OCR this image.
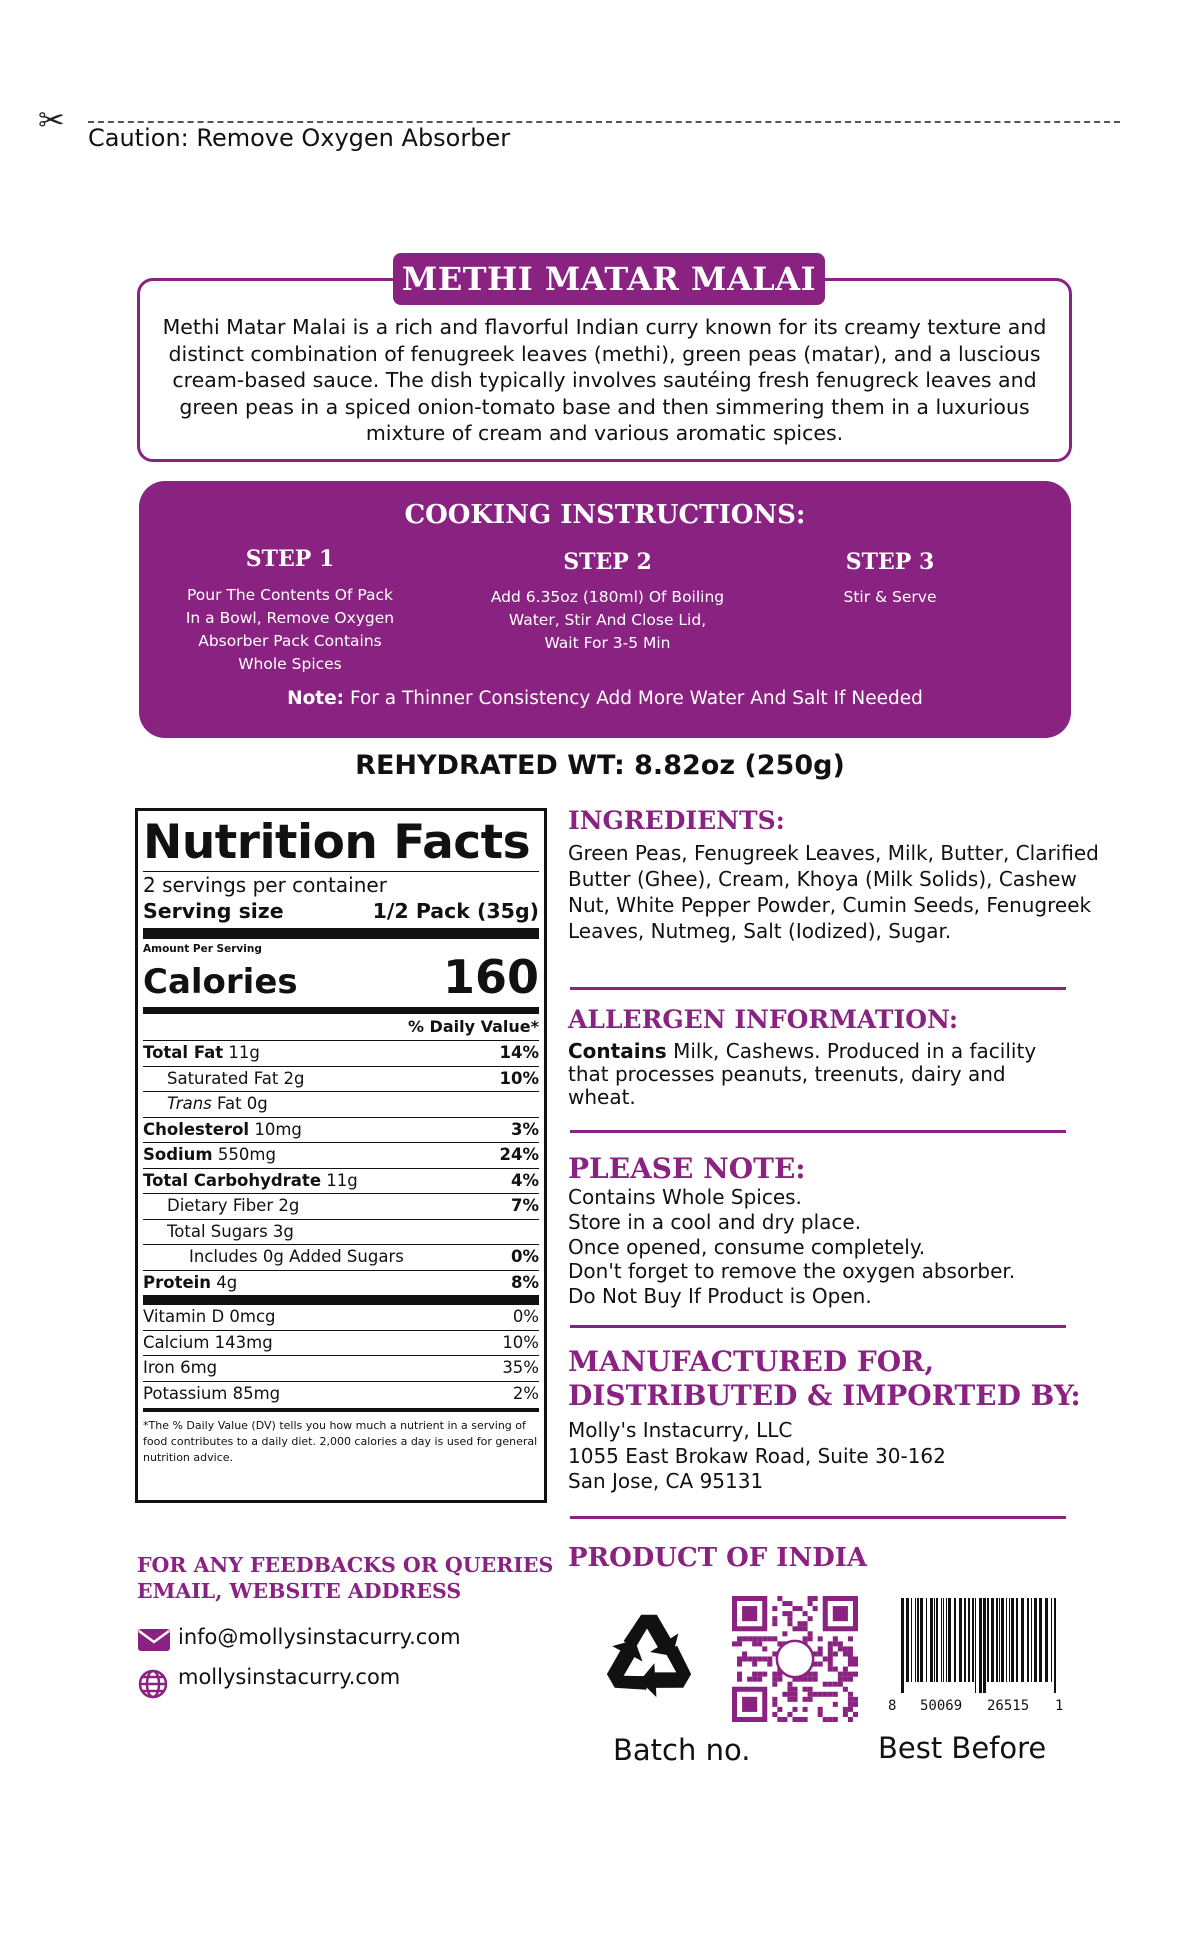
✂ Caution: Remove Oxygen Absorber
METHI MATAR MALAI
Methi Matar Malai is a rich and flavorful Indian curry known for its creamy texture and distinct combination of fenugreek leaves (methi), green peas (matar), and a luscious cream-based sauce. The dish typically involves sautéing fresh fenugreck leaves and green peas in a spiced onion-tomato base and then simmering them in a luxurious mixture of cream and various aromatic spices.
COOKING INSTRUCTIONS:
STEP 1
Pour The Contents Of Pack
In a Bowl, Remove Oxygen
Absorber Pack Contains
Whole Spices
STEP 2
Add 6.35oz (180ml) Of Boiling
Water, Stir And Close Lid,
Wait For 3-5 Min
STEP 3
Stir & Serve
Note: For a Thinner Consistency Add More Water And Salt If Needed
REHYDRATED WT: 8.82oz (250g)
Nutrition Facts
2 servings per container
Serving size	1/2 Pack (35g)
Amount Per Serving
Calories	160
% Daily Value*
Total Fat 11g	14%
Saturated Fat 2g	10%
Trans Fat 0g
Cholesterol 10mg	3%
Sodium 550mg	24%
Total Carbohydrate 11g	4%
Dietary Fiber 2g	7%
Total Sugars 3g
Includes 0g Added Sugars	0%
Protein 4g	8%
Vitamin D 0mcg	0%
Calcium 143mg	10%
Iron 6mg	35%
Potassium 85mg	2%
*The % Daily Value (DV) tells you how much a nutrient in a serving of food contributes to a daily diet. 2,000 calories a day is used for general nutrition advice.
INGREDIENTS:
Green Peas, Fenugreek Leaves, Milk, Butter, Clarified Butter (Ghee), Cream, Khoya (Milk Solids), Cashew Nut, White Pepper Powder, Cumin Seeds, Fenugreek Leaves, Nutmeg, Salt (Iodized), Sugar.
ALLERGEN INFORMATION:
Contains Milk, Cashews. Produced in a facility that processes peanuts, treenuts, dairy and wheat.
PLEASE NOTE:
Contains Whole Spices.
Store in a cool and dry place.
Once opened, consume completely.
Don't forget to remove the oxygen absorber.
Do Not Buy If Product is Open.
MANUFACTURED FOR,
DISTRIBUTED & IMPORTED BY:
Molly's Instacurry, LLC
1055 East Brokaw Road, Suite 30-162
San Jose, CA 95131
PRODUCT OF INDIA
FOR ANY FEEDBACKS OR QUERIES
EMAIL, WEBSITE ADDRESS
info@mollysinstacurry.com
mollysinstacurry.com
8 50069 26515 1
Batch no.	Best Before
